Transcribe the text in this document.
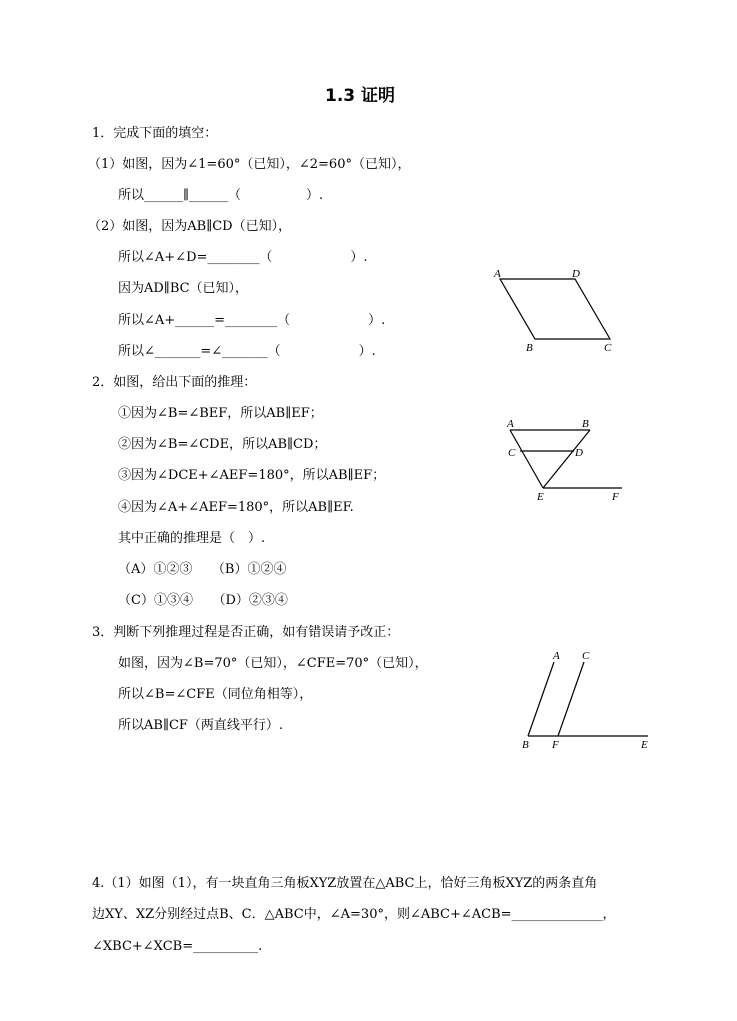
1.3 证明
1．完成下面的填空：
（1）如图，因为∠1=60°（已知），∠2=60°（已知），
所以______∥______（　　　　　）.
（2）如图，因为AB∥CD（已知），
所以∠A+∠D=________（　　　　　　）.
因为AD∥BC（已知），
所以∠A+______=________（　　　　　　）.
所以∠_______=∠_______（　　　　　　）.
A	D
B	C
2．如图，给出下面的推理：
①因为∠B=∠BEF，所以AB∥EF；
②因为∠B=∠CDE，所以AB∥CD；
③因为∠DCE+∠AEF=180°，所以AB∥EF；
④因为∠A+∠AEF=180°，所以AB∥EF.
其中正确的推理是（　）.
（A）①②③　　（B）①②④
（C）①③④　　（D）②③④
A	B
C	D
E	F
3．判断下列推理过程是否正确，如有错误请予改正：
如图，因为∠B=70°（已知），∠CFE=70°（已知），
所以∠B=∠CFE（同位角相等），
所以AB∥CF（两直线平行）.
A C
B F	E
4.（1）如图（1），有一块直角三角板XYZ放置在△ABC上，恰好三角板XYZ的两条直角
边XY、XZ分别经过点B、C．△ABC中，∠A=30°，则∠ABC+∠ACB=______________，
∠XBC+∠XCB=__________.
